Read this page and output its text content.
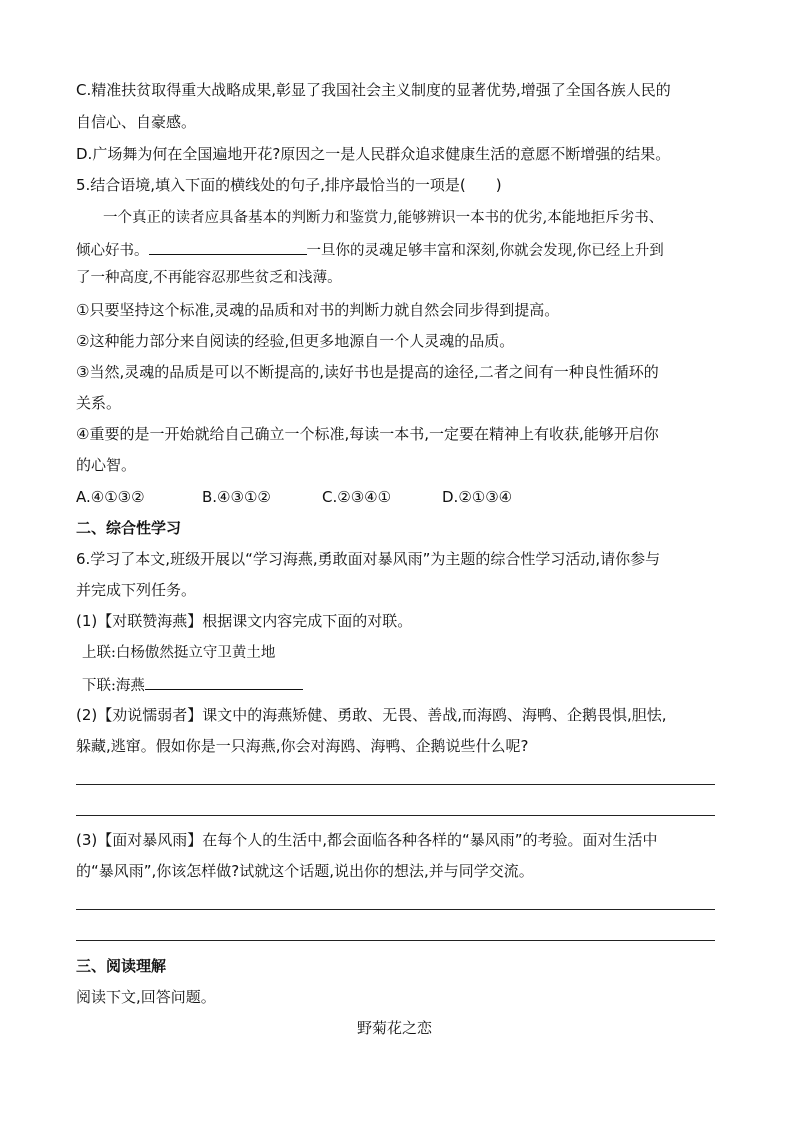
C.精准扶贫取得重大战略成果,彰显了我国社会主义制度的显著优势,增强了全国各族人民的
自信心、自豪感。
D.广场舞为何在全国遍地开花?原因之一是人民群众追求健康生活的意愿不断增强的结果。
5.结合语境,填入下面的横线处的句子,排序最恰当的一项是(　　)
一个真正的读者应具备基本的判断力和鉴赏力,能够辨识一本书的优劣,本能地拒斥劣书、
倾心好书。	一旦你的灵魂足够丰富和深刻,你就会发现,你已经上升到
了一种高度,不再能容忍那些贫乏和浅薄。
①只要坚持这个标准,灵魂的品质和对书的判断力就自然会同步得到提高。
②这种能力部分来自阅读的经验,但更多地源自一个人灵魂的品质。
③当然,灵魂的品质是可以不断提高的,读好书也是提高的途径,二者之间有一种良性循环的
关系。
④重要的是一开始就给自己确立一个标准,每读一本书,一定要在精神上有收获,能够开启你
的心智。
A.④①③②	B.④③①②	C.②③④①	D.②①③④
二、综合性学习
6.学习了本文,班级开展以“学习海燕,勇敢面对暴风雨”为主题的综合性学习活动,请你参与
并完成下列任务。
(1)【对联赞海燕】根据课文内容完成下面的对联。
上联:白杨傲然挺立守卫黄土地
下联:海燕
(2)【劝说懦弱者】课文中的海燕矫健、勇敢、无畏、善战,而海鸥、海鸭、企鹅畏惧,胆怯,
躲藏,逃窜。假如你是一只海燕,你会对海鸥、海鸭、企鹅说些什么呢?
(3)【面对暴风雨】在每个人的生活中,都会面临各种各样的“暴风雨”的考验。面对生活中
的“暴风雨”,你该怎样做?试就这个话题,说出你的想法,并与同学交流。
三、阅读理解
阅读下文,回答问题。
野菊花之恋
